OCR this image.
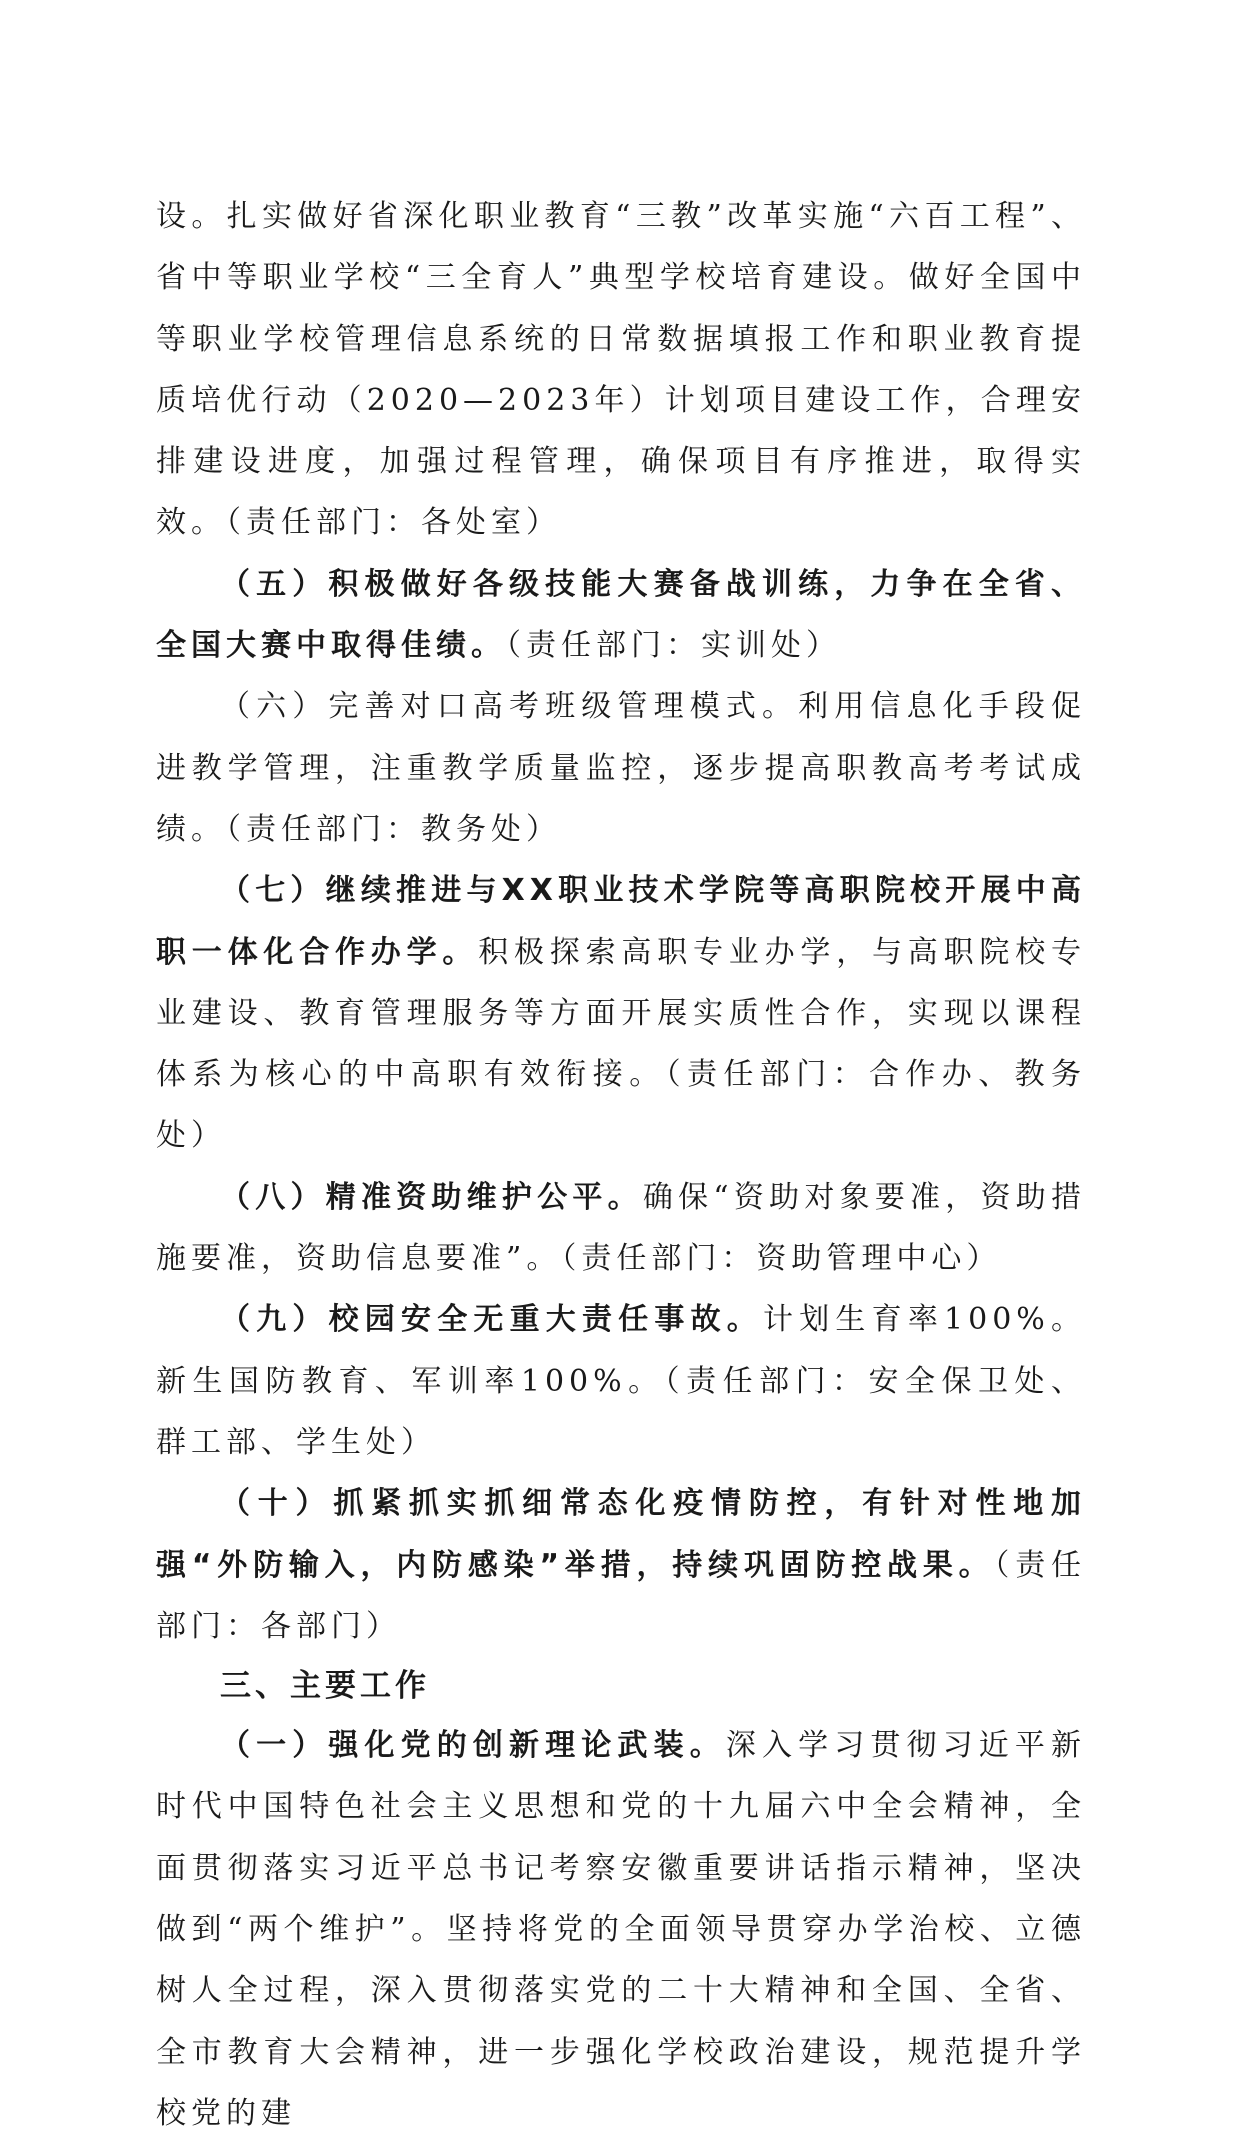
设。扎实做好省深化职业教育“三教”改革实施“六百工程”、省中等职业学校“三全育人”典型学校培育建设。做好全国中等职业学校管理信息系统的日常数据填报工作和职业教育提质培优行动（2020—2023年）计划项目建设工作，合理安排建设进度，加强过程管理，确保项目有序推进，取得实效。（责任部门：各处室）

（五）积极做好各级技能大赛备战训练，力争在全省、全国大赛中取得佳绩。（责任部门：实训处）

（六）完善对口高考班级管理模式。利用信息化手段促进教学管理，注重教学质量监控，逐步提高职教高考考试成绩。（责任部门：教务处）

（七）继续推进与XX职业技术学院等高职院校开展中高职一体化合作办学。积极探索高职专业办学，与高职院校专业建设、教育管理服务等方面开展实质性合作，实现以课程体系为核心的中高职有效衔接。（责任部门：合作办、教务处）

（八）精准资助维护公平。确保“资助对象要准，资助措施要准，资助信息要准”。（责任部门：资助管理中心）

（九）校园安全无重大责任事故。计划生育率100%。新生国防教育、军训率100%。（责任部门：安全保卫处、群工部、学生处）

（十）抓紧抓实抓细常态化疫情防控，有针对性地加强“外防输入，内防感染”举措，持续巩固防控战果。（责任部门：各部门）

三、主要工作

（一）强化党的创新理论武装。深入学习贯彻习近平新时代中国特色社会主义思想和党的十九届六中全会精神，全面贯彻落实习近平总书记考察安徽重要讲话指示精神，坚决做到“两个维护”。坚持将党的全面领导贯穿办学治校、立德树人全过程，深入贯彻落实党的二十大精神和全国、全省、全市教育大会精神，进一步强化学校政治建设，规范提升学校党的建
